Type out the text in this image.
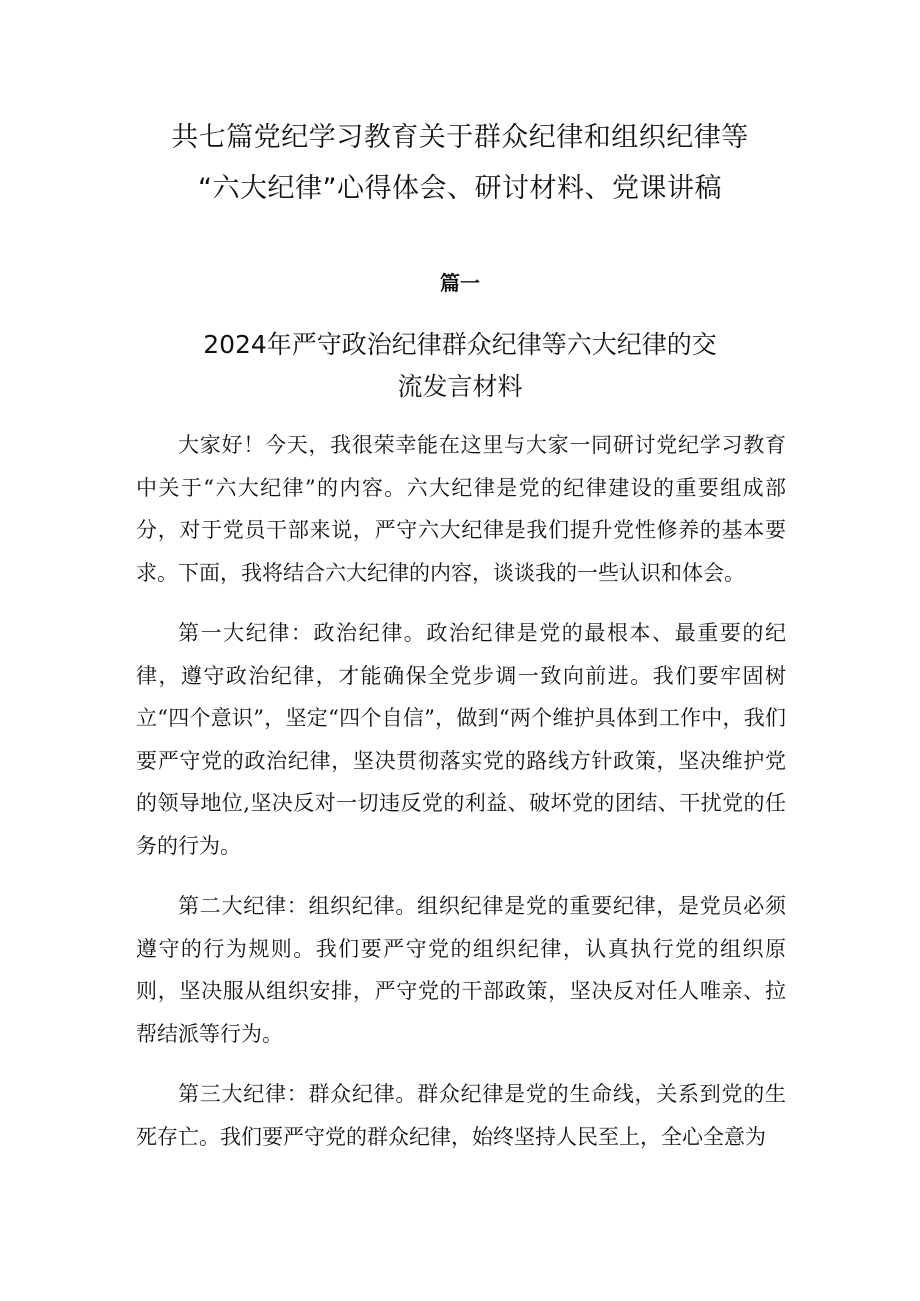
共七篇党纪学习教育关于群众纪律和组织纪律等
“六大纪律”心得体会、研讨材料、党课讲稿
篇一
2024年严守政治纪律群众纪律等六大纪律的交
流发言材料

大家好！今天，我很荣幸能在这里与大家一同研讨党纪学习教育中关于“六大纪律”的内容。六大纪律是党的纪律建设的重要组成部分，对于党员干部来说，严守六大纪律是我们提升党性修养的基本要求。下面，我将结合六大纪律的内容，谈谈我的一些认识和体会。

第一大纪律：政治纪律。政治纪律是党的最根本、最重要的纪律，遵守政治纪律，才能确保全党步调一致向前进。我们要牢固树立“四个意识”，坚定“四个自信”，做到“两个维护具体到工作中，我们要严守党的政治纪律，坚决贯彻落实党的路线方针政策，坚决维护党的领导地位,坚决反对一切违反党的利益、破坏党的团结、干扰党的任务的行为。

第二大纪律：组织纪律。组织纪律是党的重要纪律，是党员必须遵守的行为规则。我们要严守党的组织纪律，认真执行党的组织原则，坚决服从组织安排，严守党的干部政策，坚决反对任人唯亲、拉帮结派等行为。

第三大纪律：群众纪律。群众纪律是党的生命线，关系到党的生死存亡。我们要严守党的群众纪律，始终坚持人民至上，全心全意为
